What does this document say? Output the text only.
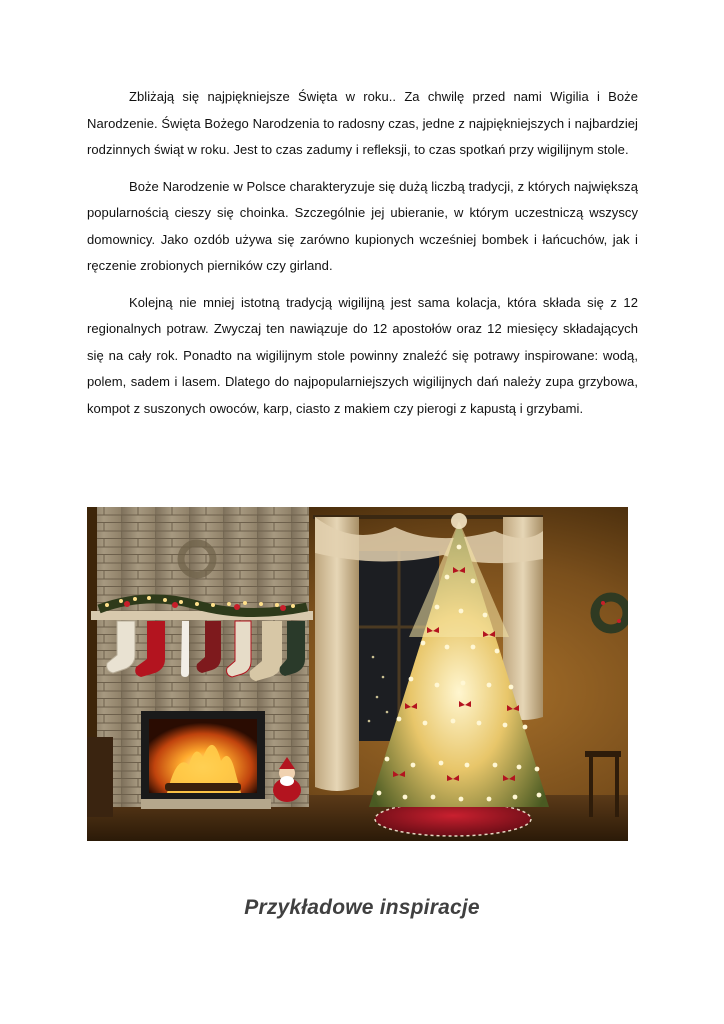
Zbliżają się najpiękniejsze Święta w roku.. Za chwilę przed nami Wigilia i Boże Narodzenie. Święta Bożego Narodzenia to radosny czas, jedne z najpiękniejszych i najbardziej rodzinnych świąt w roku. Jest to czas zadumy i refleksji, to czas spotkań przy wigilijnym stole.

Boże Narodzenie w Polsce charakteryzuje się dużą liczbą tradycji, z których największą popularnością cieszy się choinka. Szczególnie jej ubieranie, w którym uczestniczą wszyscy domownicy. Jako ozdób używa się zarówno kupionych wcześniej bombek i łańcuchów, jak i ręczenie zrobionych pierników czy girland.

Kolejną nie mniej istotną tradycją wigilijną jest sama kolacja, która składa się z 12 regionalnych potraw. Zwyczaj ten nawiązuje do 12 apostołów oraz 12 miesięcy składających się na cały rok. Ponadto na wigilijnym stole powinny znaleźć się potrawy inspirowane: wodą, polem, sadem i lasem. Dlatego do najpopularniejszych wigilijnych dań należy zupa grzybowa, kompot z suszonych owoców, karp, ciasto z makiem czy pierogi z kapustą i grzybami.

Przykładowe inspiracje
